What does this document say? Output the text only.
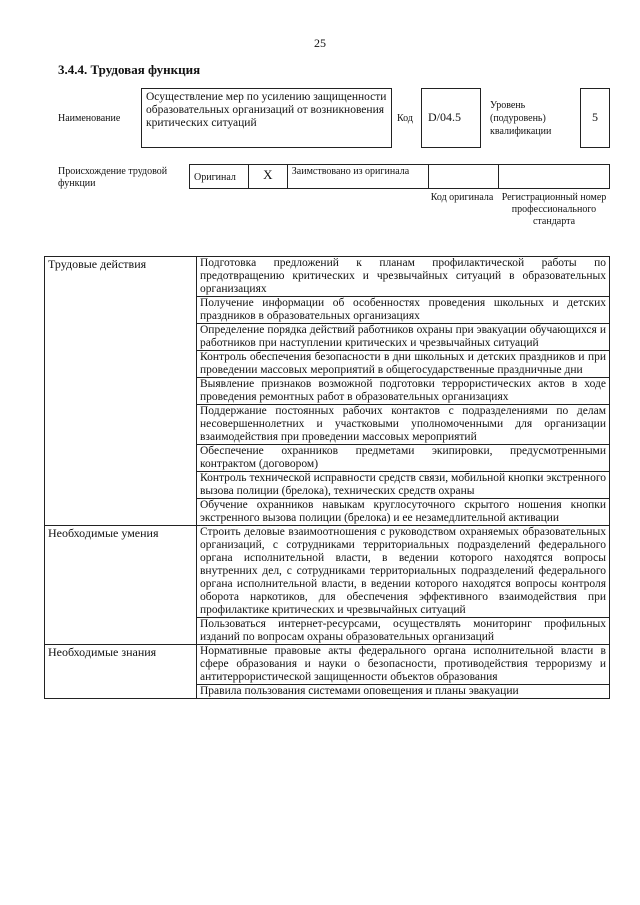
25
3.4.4. Трудовая функция
Наименование
Осуществление мер по усилению защищенности образовательных организаций от возникновения критических ситуаций	Код	D/04.5
Уровень (подуровень) квалификации
5
Происхождение трудовой функции
Оригинал	X	Заимствовано из оригинала
Код оригинала Регистрационный номер профессионального стандарта
Трудовые действия	Подготовка предложений к планам профилактической работы по предотвращению критических и чрезвычайных ситуаций в образовательных организациях
	Получение информации об особенностях проведения школьных и детских праздников в образовательных организациях
	Определение порядка действий работников охраны при эвакуации обучающихся и работников при наступлении критических и чрезвычайных ситуаций
	Контроль обеспечения безопасности в дни школьных и детских праздников и при проведении массовых мероприятий в общегосударственные праздничные дни
	Выявление признаков возможной подготовки террористических актов в ходе проведения ремонтных работ в образовательных организациях
	Поддержание постоянных рабочих контактов с подразделениями по делам несовершеннолетних и участковыми уполномоченными для организации взаимодействия при проведении массовых мероприятий
	Обеспечение охранников предметами экипировки, предусмотренными контрактом (договором)
	Контроль технической исправности средств связи, мобильной кнопки экстренного вызова полиции (брелока), технических средств охраны
	Обучение охранников навыкам круглосуточного скрытого ношения кнопки экстренного вызова полиции (брелока) и ее незамедлительной активации
Необходимые умения	Строить деловые взаимоотношения с руководством охраняемых образовательных организаций, с сотрудниками территориальных подразделений федерального органа исполнительной власти, в ведении которого находятся вопросы внутренних дел, с сотрудниками территориальных подразделений федерального органа исполнительной власти, в ведении которого находятся вопросы контроля оборота наркотиков, для обеспечения эффективного взаимодействия при профилактике критических и чрезвычайных ситуаций
	Пользоваться интернет-ресурсами, осуществлять мониторинг профильных изданий по вопросам охраны образовательных организаций
Необходимые знания	Нормативные правовые акты федерального органа исполнительной власти в сфере образования и науки о безопасности, противодействия терроризму и антитеррористической защищенности объектов образования
	Правила пользования системами оповещения и планы эвакуации
